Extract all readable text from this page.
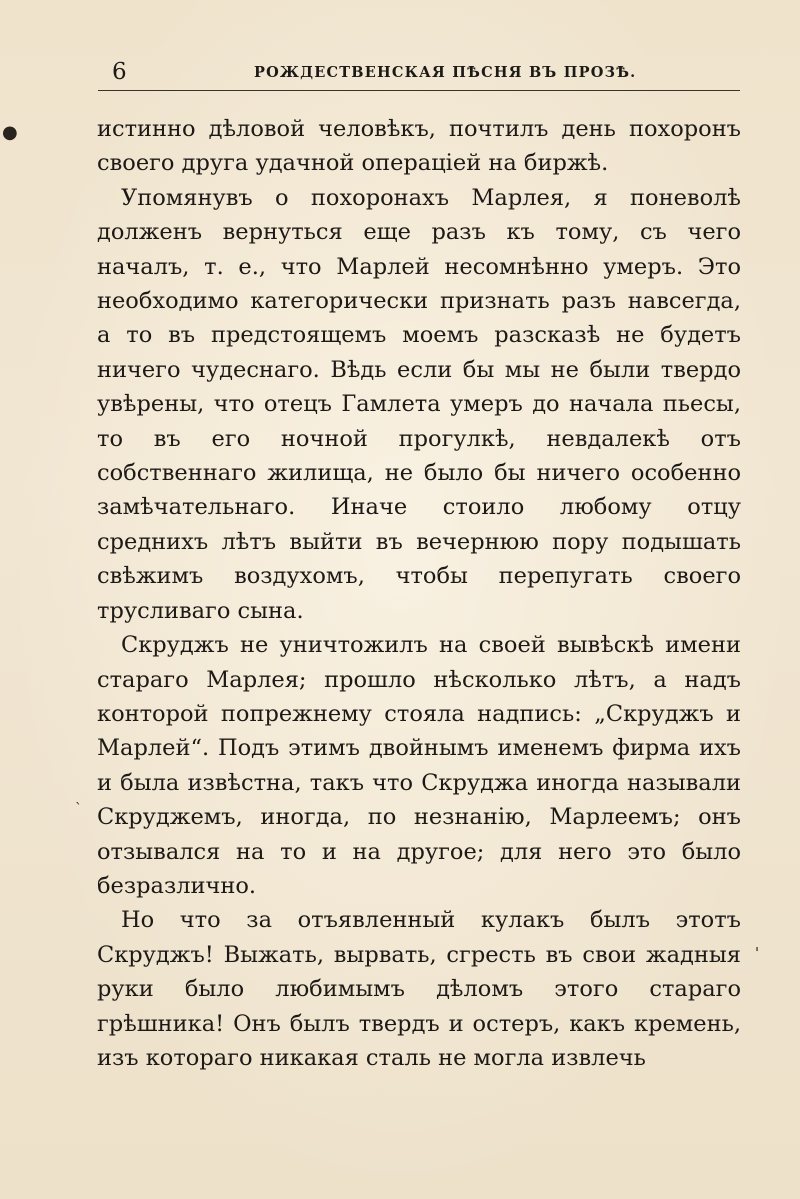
6	РОЖДЕСТВЕНСКАЯ ПѢСНЯ ВЪ ПРОЗѢ.

истинно дѣловой человѣкъ, почтилъ день похоронъ своего друга удачной операціей на биржѣ.

Упомянувъ о похоронахъ Марлея, я поневолѣ долженъ вернуться еще разъ къ тому, съ чего началъ, т. е., что Марлей несомнѣнно умеръ. Это необходимо категорически признать разъ навсегда, а то въ предстоящемъ моемъ разсказѣ не будетъ ничего чудеснаго. Вѣдь если бы мы не были твердо увѣрены, что отецъ Гамлета умеръ до начала пьесы, то въ его ночной прогулкѣ, невдалекѣ отъ собственнаго жилища, не было бы ничего особенно замѣчательнаго. Иначе стоило любому отцу среднихъ лѣтъ выйти въ вечернюю пору подышать свѣжимъ воздухомъ, чтобы перепугать своего трусливаго сына.

Скруджъ не уничтожилъ на своей вывѣскѣ имени стараго Марлея; прошло нѣсколько лѣтъ, а надъ конторой попрежнему стояла надпись: „Скруджъ и Марлей“. Подъ этимъ двойнымъ именемъ фирма ихъ и была извѣстна, такъ что Скруджа иногда называли Скруджемъ, иногда, по незнанію, Марлеемъ; онъ отзывался на то и на другое; для него это было безразлично.

Но что за отъявленный кулакъ былъ этотъ Скруджъ! Выжать, вырвать, сгресть въ свои жадныя руки было любимымъ дѣломъ этого стараго грѣшника! Онъ былъ твердъ и остеръ, какъ кремень, изъ котораго никакая сталь не могла извлечь

●
'
`
